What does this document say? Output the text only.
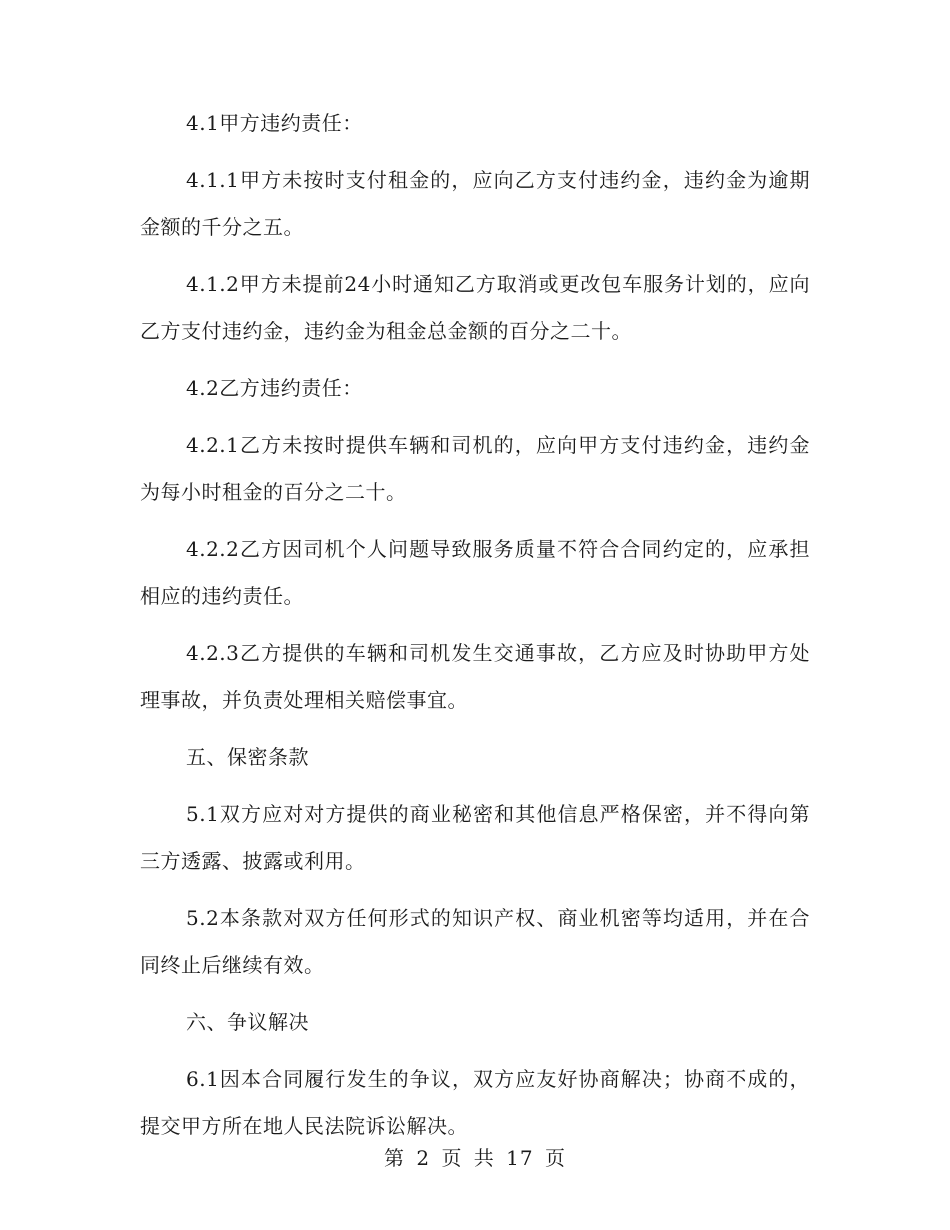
4.1甲方违约责任：

4.1.1甲方未按时支付租金的，应向乙方支付违约金，违约金为逾期金额的千分之五。

4.1.2甲方未提前24小时通知乙方取消或更改包车服务计划的，应向乙方支付违约金，违约金为租金总金额的百分之二十。

4.2乙方违约责任：

4.2.1乙方未按时提供车辆和司机的，应向甲方支付违约金，违约金为每小时租金的百分之二十。

4.2.2乙方因司机个人问题导致服务质量不符合合同约定的，应承担相应的违约责任。

4.2.3乙方提供的车辆和司机发生交通事故，乙方应及时协助甲方处理事故，并负责处理相关赔偿事宜。

五、保密条款

5.1双方应对对方提供的商业秘密和其他信息严格保密，并不得向第三方透露、披露或利用。

5.2本条款对双方任何形式的知识产权、商业机密等均适用，并在合同终止后继续有效。

六、争议解决

6.1因本合同履行发生的争议，双方应友好协商解决；协商不成的，提交甲方所在地人民法院诉讼解决。

第 2 页 共 17 页
